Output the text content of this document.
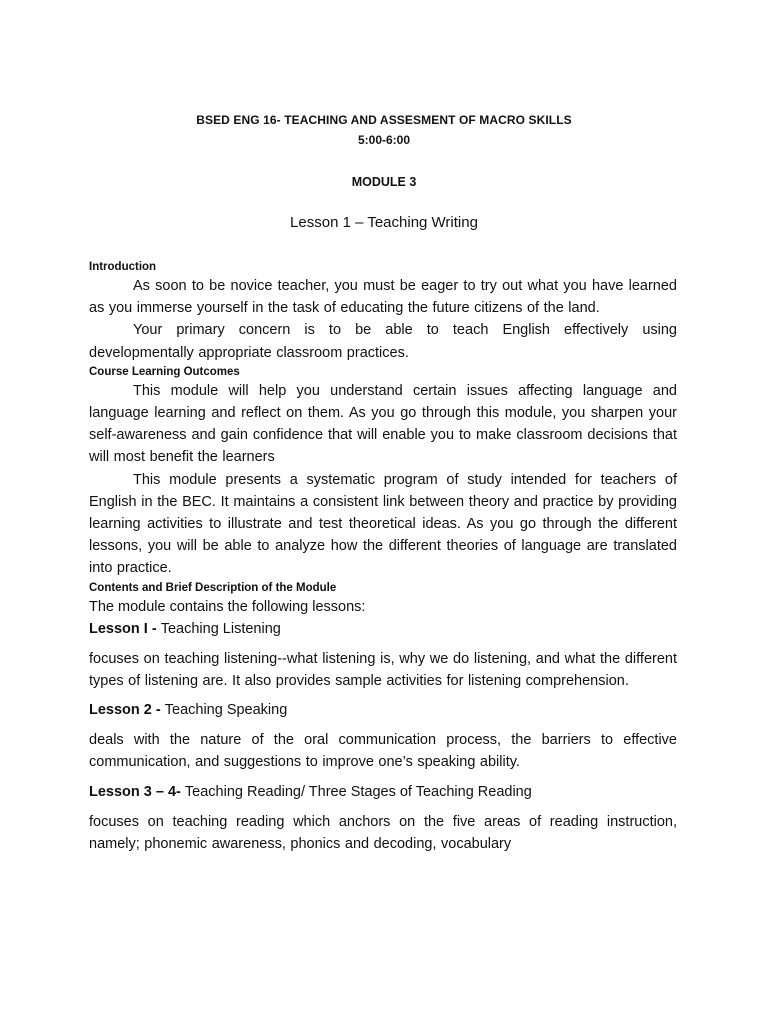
BSED ENG 16- TEACHING AND ASSESMENT OF MACRO SKILLS
5:00-6:00
MODULE 3
Lesson 1 – Teaching Writing

Introduction

As soon to be novice teacher, you must be eager to try out what you have learned as you immerse yourself in the task of educating the future citizens of the land.

Your primary concern is to be able to teach English effectively using developmentally appropriate classroom practices.

Course Learning Outcomes

This module will help you understand certain issues affecting language and language learning and reflect on them. As you go through this module, you sharpen your self-awareness and gain confidence that will enable you to make classroom decisions that will most benefit the learners

This module presents a systematic program of study intended for teachers of English in the BEC. It maintains a consistent link between theory and practice by providing learning activities to illustrate and test theoretical ideas. As you go through the different lessons, you will be able to analyze how the different theories of language are translated into practice.

Contents and Brief Description of the Module

The module contains the following lessons:

Lesson I - Teaching Listening

focuses on teaching listening--what listening is, why we do listening, and what the different types of listening are. It also provides sample activities for listening comprehension.

Lesson 2 - Teaching Speaking

deals with the nature of the oral communication process, the barriers to effective communication, and suggestions to improve one’s speaking ability.

Lesson 3 – 4- Teaching Reading/ Three Stages of Teaching Reading

focuses on teaching reading which anchors on the five areas of reading instruction, namely; phonemic awareness, phonics and decoding, vocabulary
